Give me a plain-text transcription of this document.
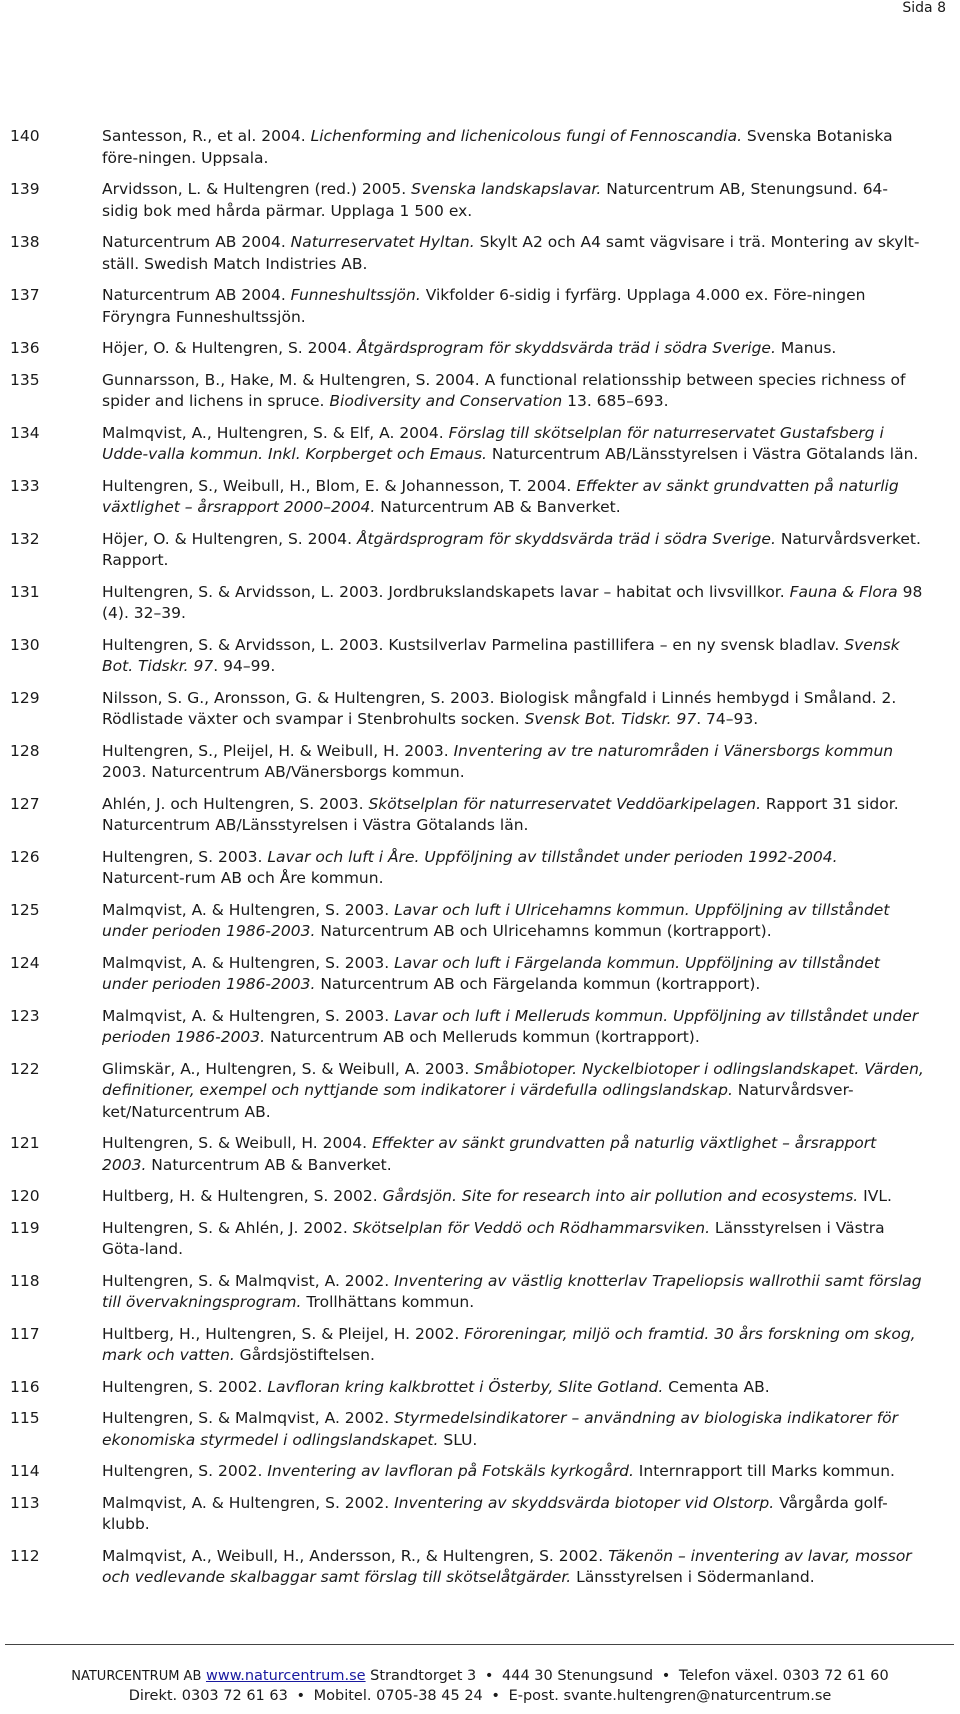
Sida 8
140	Santesson, R., et al. 2004. Lichenforming and lichenicolous fungi of Fennoscandia. Svenska Botaniska före-ningen. Uppsala.
139	Arvidsson, L. & Hultengren (red.) 2005. Svenska landskapslavar. Naturcentrum AB, Stenungsund. 64-sidig bok med hårda pärmar. Upplaga 1 500 ex.
138	Naturcentrum AB 2004. Naturreservatet Hyltan. Skylt A2 och A4 samt vägvisare i trä. Montering av skylt-ställ. Swedish Match Indistries AB.
137	Naturcentrum AB 2004. Funneshultssjön. Vikfolder 6-sidig i fyrfärg. Upplaga 4.000 ex. Före-ningen Föryngra Funneshultssjön.
136	Höjer, O. & Hultengren, S. 2004. Åtgärdsprogram för skyddsvärda träd i södra Sverige. Manus.
135	Gunnarsson, B., Hake, M. & Hultengren, S. 2004. A functional relationsship between species richness of spider and lichens in spruce. Biodiversity and Conservation 13. 685–693.
134	Malmqvist, A., Hultengren, S. & Elf, A. 2004. Förslag till skötselplan för naturreservatet Gustafsberg i Udde-valla kommun. Inkl. Korpberget och Emaus. Naturcentrum AB/Länsstyrelsen i Västra Götalands län.
133	Hultengren, S., Weibull, H., Blom, E. & Johannesson, T. 2004. Effekter av sänkt grundvatten på naturlig växtlighet – årsrapport 2000–2004. Naturcentrum AB & Banverket.
132	Höjer, O. & Hultengren, S. 2004. Åtgärdsprogram för skyddsvärda träd i södra Sverige. Naturvårdsverket. Rapport.
131	Hultengren, S. & Arvidsson, L. 2003. Jordbrukslandskapets lavar – habitat och livsvillkor. Fauna & Flora 98 (4). 32–39.
130	Hultengren, S. & Arvidsson, L. 2003. Kustsilverlav Parmelina pastillifera – en ny svensk bladlav. Svensk Bot. Tidskr. 97. 94–99.
129	Nilsson, S. G., Aronsson, G. & Hultengren, S. 2003. Biologisk mångfald i Linnés hembygd i Småland. 2. Rödlistade växter och svampar i Stenbrohults socken. Svensk Bot. Tidskr. 97. 74–93.
128	Hultengren, S., Pleijel, H. & Weibull, H. 2003. Inventering av tre naturområden i Vänersborgs kommun 2003. Naturcentrum AB/Vänersborgs kommun.
127	Ahlén, J. och Hultengren, S. 2003. Skötselplan för naturreservatet Veddöarkipelagen. Rapport 31 sidor. Naturcentrum AB/Länsstyrelsen i Västra Götalands län.
126	Hultengren, S. 2003. Lavar och luft i Åre. Uppföljning av tillståndet under perioden 1992-2004. Naturcent-rum AB och Åre kommun.
125	Malmqvist, A. & Hultengren, S. 2003. Lavar och luft i Ulricehamns kommun. Uppföljning av tillståndet under perioden 1986-2003. Naturcentrum AB och Ulricehamns kommun (kortrapport).
124	Malmqvist, A. & Hultengren, S. 2003. Lavar och luft i Färgelanda kommun. Uppföljning av tillståndet under perioden 1986-2003. Naturcentrum AB och Färgelanda kommun (kortrapport).
123	Malmqvist, A. & Hultengren, S. 2003. Lavar och luft i Melleruds kommun. Uppföljning av tillståndet under perioden 1986-2003. Naturcentrum AB och Melleruds kommun (kortrapport).
122	Glimskär, A., Hultengren, S. & Weibull, A. 2003. Småbiotoper. Nyckelbiotoper i odlingslandskapet. Värden, definitioner, exempel och nyttjande som indikatorer i värdefulla odlingslandskap. Naturvårdsver-ket/Naturcentrum AB.
121	Hultengren, S. & Weibull, H. 2004. Effekter av sänkt grundvatten på naturlig växtlighet – årsrapport 2003. Naturcentrum AB & Banverket.
120	Hultberg, H. & Hultengren, S. 2002. Gårdsjön. Site for research into air pollution and ecosystems. IVL.
119	Hultengren, S. & Ahlén, J. 2002. Skötselplan för Veddö och Rödhammarsviken. Länsstyrelsen i Västra Göta-land.
118	Hultengren, S. & Malmqvist, A. 2002. Inventering av västlig knotterlav Trapeliopsis wallrothii samt förslag till övervakningsprogram. Trollhättans kommun.
117	Hultberg, H., Hultengren, S. & Pleijel, H. 2002. Föroreningar, miljö och framtid. 30 års forskning om skog, mark och vatten. Gårdsjöstiftelsen.
116	Hultengren, S. 2002. Lavfloran kring kalkbrottet i Österby, Slite Gotland. Cementa AB.
115	Hultengren, S. & Malmqvist, A. 2002. Styrmedelsindikatorer – användning av biologiska indikatorer för ekonomiska styrmedel i odlingslandskapet. SLU.
114	Hultengren, S. 2002. Inventering av lavfloran på Fotskäls kyrkogård. Internrapport till Marks kommun.
113	Malmqvist, A. & Hultengren, S. 2002. Inventering av skyddsvärda biotoper vid Olstorp. Vårgårda golf-klubb.
112	Malmqvist, A., Weibull, H., Andersson, R., & Hultengren, S. 2002. Täkenön – inventering av lavar, mossor och vedlevande skalbaggar samt förslag till skötselåtgärder. Länsstyrelsen i Södermanland.
NATURCENTRUM AB www.naturcentrum.se Strandtorget 3 • 444 30 Stenungsund • Telefon växel. 0303 72 61 60
Direkt. 0303 72 61 63 • Mobitel. 0705-38 45 24 • E-post. svante.hultengren@naturcentrum.se
